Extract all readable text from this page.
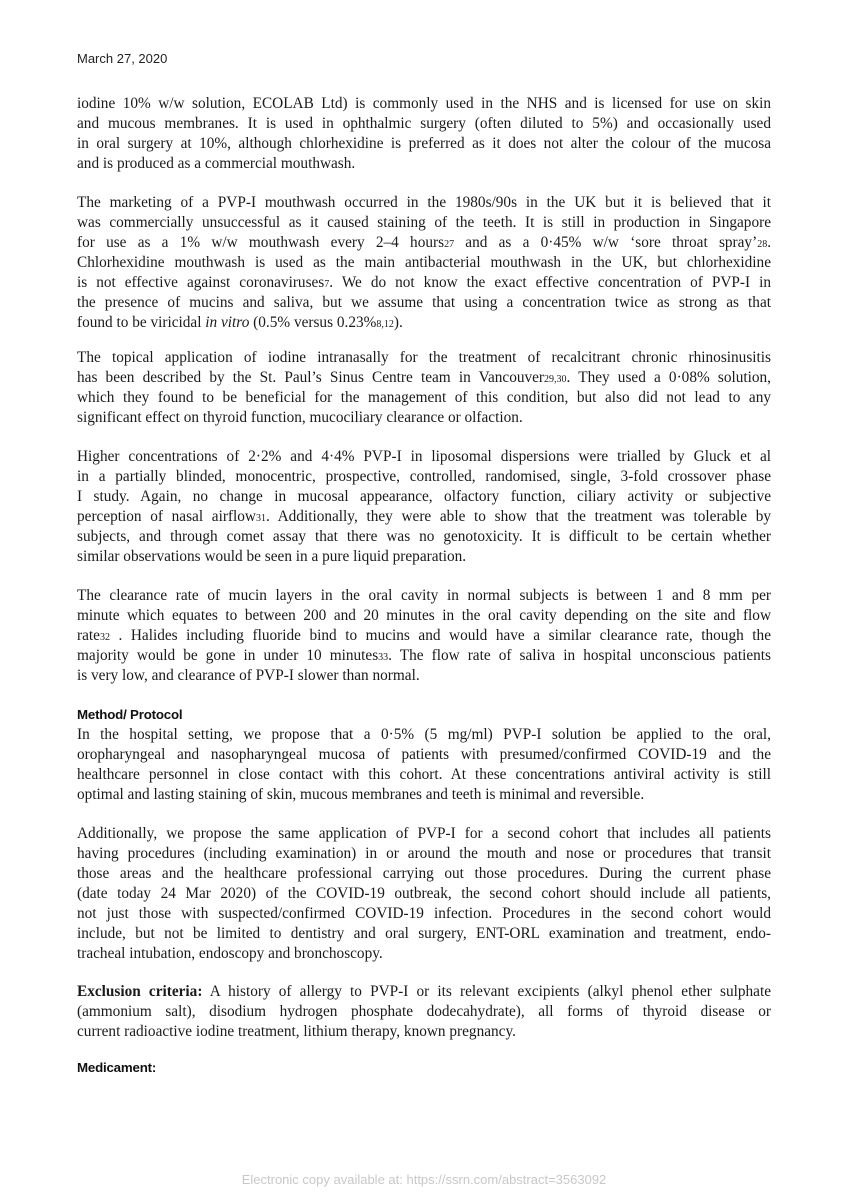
March 27, 2020
iodine 10% w/w solution, ECOLAB Ltd) is commonly used in the NHS and is licensed for use on skin
and mucous membranes. It is used in ophthalmic surgery (often diluted to 5%) and occasionally used
in oral surgery at 10%, although chlorhexidine is preferred as it does not alter the colour of the mucosa
and is produced as a commercial mouthwash.
The marketing of a PVP-I mouthwash occurred in the 1980s/90s in the UK but it is believed that it
was commercially unsuccessful as it caused staining of the teeth. It is still in production in Singapore
for use as a 1% w/w mouthwash every 2–4 hours27 and as a 0·45% w/w ‘sore throat spray’28.
Chlorhexidine mouthwash is used as the main antibacterial mouthwash in the UK, but chlorhexidine
is not effective against coronaviruses7. We do not know the exact effective concentration of PVP-I in
the presence of mucins and saliva, but we assume that using a concentration twice as strong as that
found to be viricidal in vitro (0.5% versus 0.23%8,12).
The topical application of iodine intranasally for the treatment of recalcitrant chronic rhinosinusitis
has been described by the St. Paul’s Sinus Centre team in Vancouver29,30. They used a 0·08% solution,
which they found to be beneficial for the management of this condition, but also did not lead to any
significant effect on thyroid function, mucociliary clearance or olfaction.
Higher concentrations of 2·2% and 4·4% PVP-I in liposomal dispersions were trialled by Gluck et al
in a partially blinded, monocentric, prospective, controlled, randomised, single, 3-fold crossover phase
I study. Again, no change in mucosal appearance, olfactory function, ciliary activity or subjective
perception of nasal airflow31. Additionally, they were able to show that the treatment was tolerable by
subjects, and through comet assay that there was no genotoxicity. It is difficult to be certain whether
similar observations would be seen in a pure liquid preparation.
The clearance rate of mucin layers in the oral cavity in normal subjects is between 1 and 8 mm per
minute which equates to between 200 and 20 minutes in the oral cavity depending on the site and flow
rate32 . Halides including fluoride bind to mucins and would have a similar clearance rate, though the
majority would be gone in under 10 minutes33. The flow rate of saliva in hospital unconscious patients
is very low, and clearance of PVP-I slower than normal.
Method/ Protocol
In the hospital setting, we propose that a 0·5% (5 mg/ml) PVP-I solution be applied to the oral,
oropharyngeal and nasopharyngeal mucosa of patients with presumed/confirmed COVID-19 and the
healthcare personnel in close contact with this cohort. At these concentrations antiviral activity is still
optimal and lasting staining of skin, mucous membranes and teeth is minimal and reversible.
Additionally, we propose the same application of PVP-I for a second cohort that includes all patients
having procedures (including examination) in or around the mouth and nose or procedures that transit
those areas and the healthcare professional carrying out those procedures. During the current phase
(date today 24 Mar 2020) of the COVID-19 outbreak, the second cohort should include all patients,
not just those with suspected/confirmed COVID-19 infection. Procedures in the second cohort would
include, but not be limited to dentistry and oral surgery, ENT-ORL examination and treatment, endo-
tracheal intubation, endoscopy and bronchoscopy.
Exclusion criteria: A history of allergy to PVP-I or its relevant excipients (alkyl phenol ether sulphate
(ammonium salt), disodium hydrogen phosphate dodecahydrate), all forms of thyroid disease or
current radioactive iodine treatment, lithium therapy, known pregnancy.
Medicament:
Electronic copy available at: https://ssrn.com/abstract=3563092
